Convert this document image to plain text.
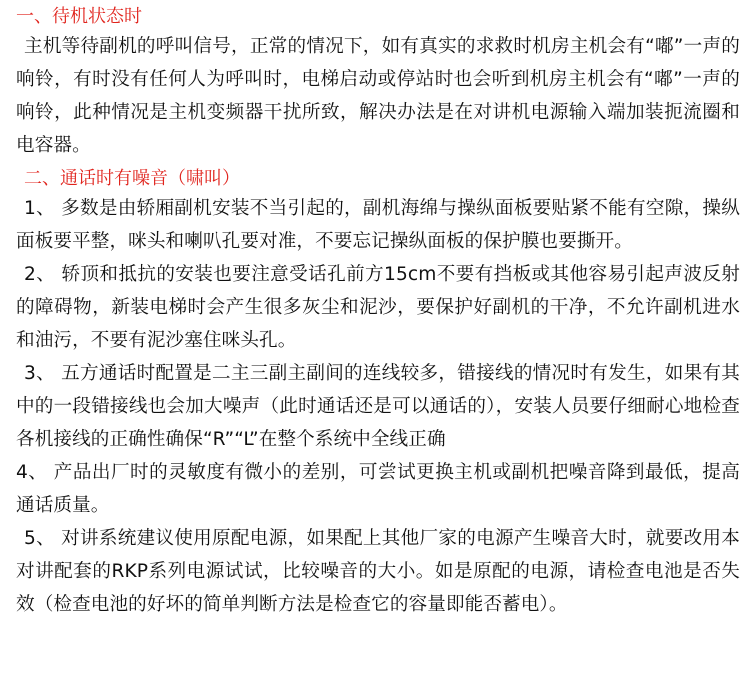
一、待机状态时

主机等待副机的呼叫信号，正常的情况下，如有真实的求救时机房主机会有“嘟”一声的响铃，有时没有任何人为呼叫时，电梯启动或停站时也会听到机房主机会有“嘟”一声的响铃，此种情况是主机变频器干扰所致，解决办法是在对讲机电源输入端加装扼流圈和电容器。

二、通话时有噪音（啸叫）

1、 多数是由轿厢副机安装不当引起的，副机海绵与操纵面板要贴紧不能有空隙，操纵面板要平整，咪头和喇叭孔要对准，不要忘记操纵面板的保护膜也要撕开。

2、 轿顶和抵抗的安装也要注意受话孔前方15cm不要有挡板或其他容易引起声波反射的障碍物，新装电梯时会产生很多灰尘和泥沙，要保护好副机的干净，不允许副机进水和油污，不要有泥沙塞住咪头孔。

3、 五方通话时配置是二主三副主副间的连线较多，错接线的情况时有发生，如果有其中的一段错接线也会加大噪声（此时通话还是可以通话的），安装人员要仔细耐心地检查各机接线的正确性确保“R”“L”在整个系统中全线正确

4、 产品出厂时的灵敏度有微小的差别，可尝试更换主机或副机把噪音降到最低，提高通话质量。

5、 对讲系统建议使用原配电源，如果配上其他厂家的电源产生噪音大时，就要改用本对讲配套的RKP系列电源试试，比较噪音的大小。如是原配的电源，请检查电池是否失效（检查电池的好坏的简单判断方法是检查它的容量即能否蓄电）。
